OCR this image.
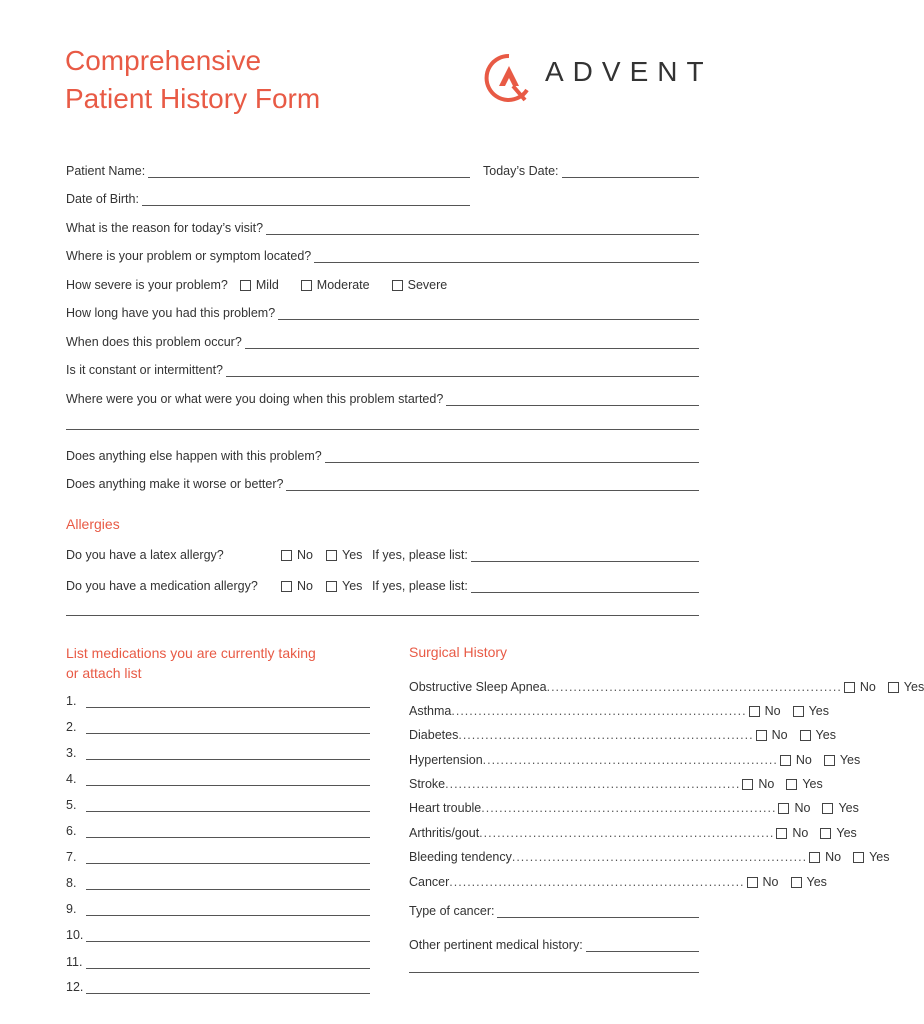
Comprehensive
Patient History Form
ADVENT
Patient Name:	Today’s Date:
Date of Birth:
What is the reason for today’s visit?
Where is your problem or symptom located?
How severe is your problem? Mild	Moderate	Severe
How long have you had this problem?
When does this problem occur?
Is it constant or intermittent?
Where were you or what were you doing when this problem started?
Does anything else happen with this problem?
Does anything make it worse or better?
Allergies
Do you have a latex allergy?	No Yes If yes, please list:
Do you have a medication allergy?	No Yes If yes, please list:
List medications you are currently taking
or attach list
1.
2.
3.
4.
5.
6.
7.
8.
9.
10.
11.
12.
Surgical History
Obstructive Sleep Apnea .................................................................. No Yes
Asthma .................................................................. No Yes
Diabetes .................................................................. No Yes
Hypertension .................................................................. No Yes
Stroke .................................................................. No Yes
Heart trouble .................................................................. No Yes
Arthritis/gout .................................................................. No Yes
Bleeding tendency .................................................................. No Yes
Cancer .................................................................. No Yes
Type of cancer:
Other pertinent medical history:
